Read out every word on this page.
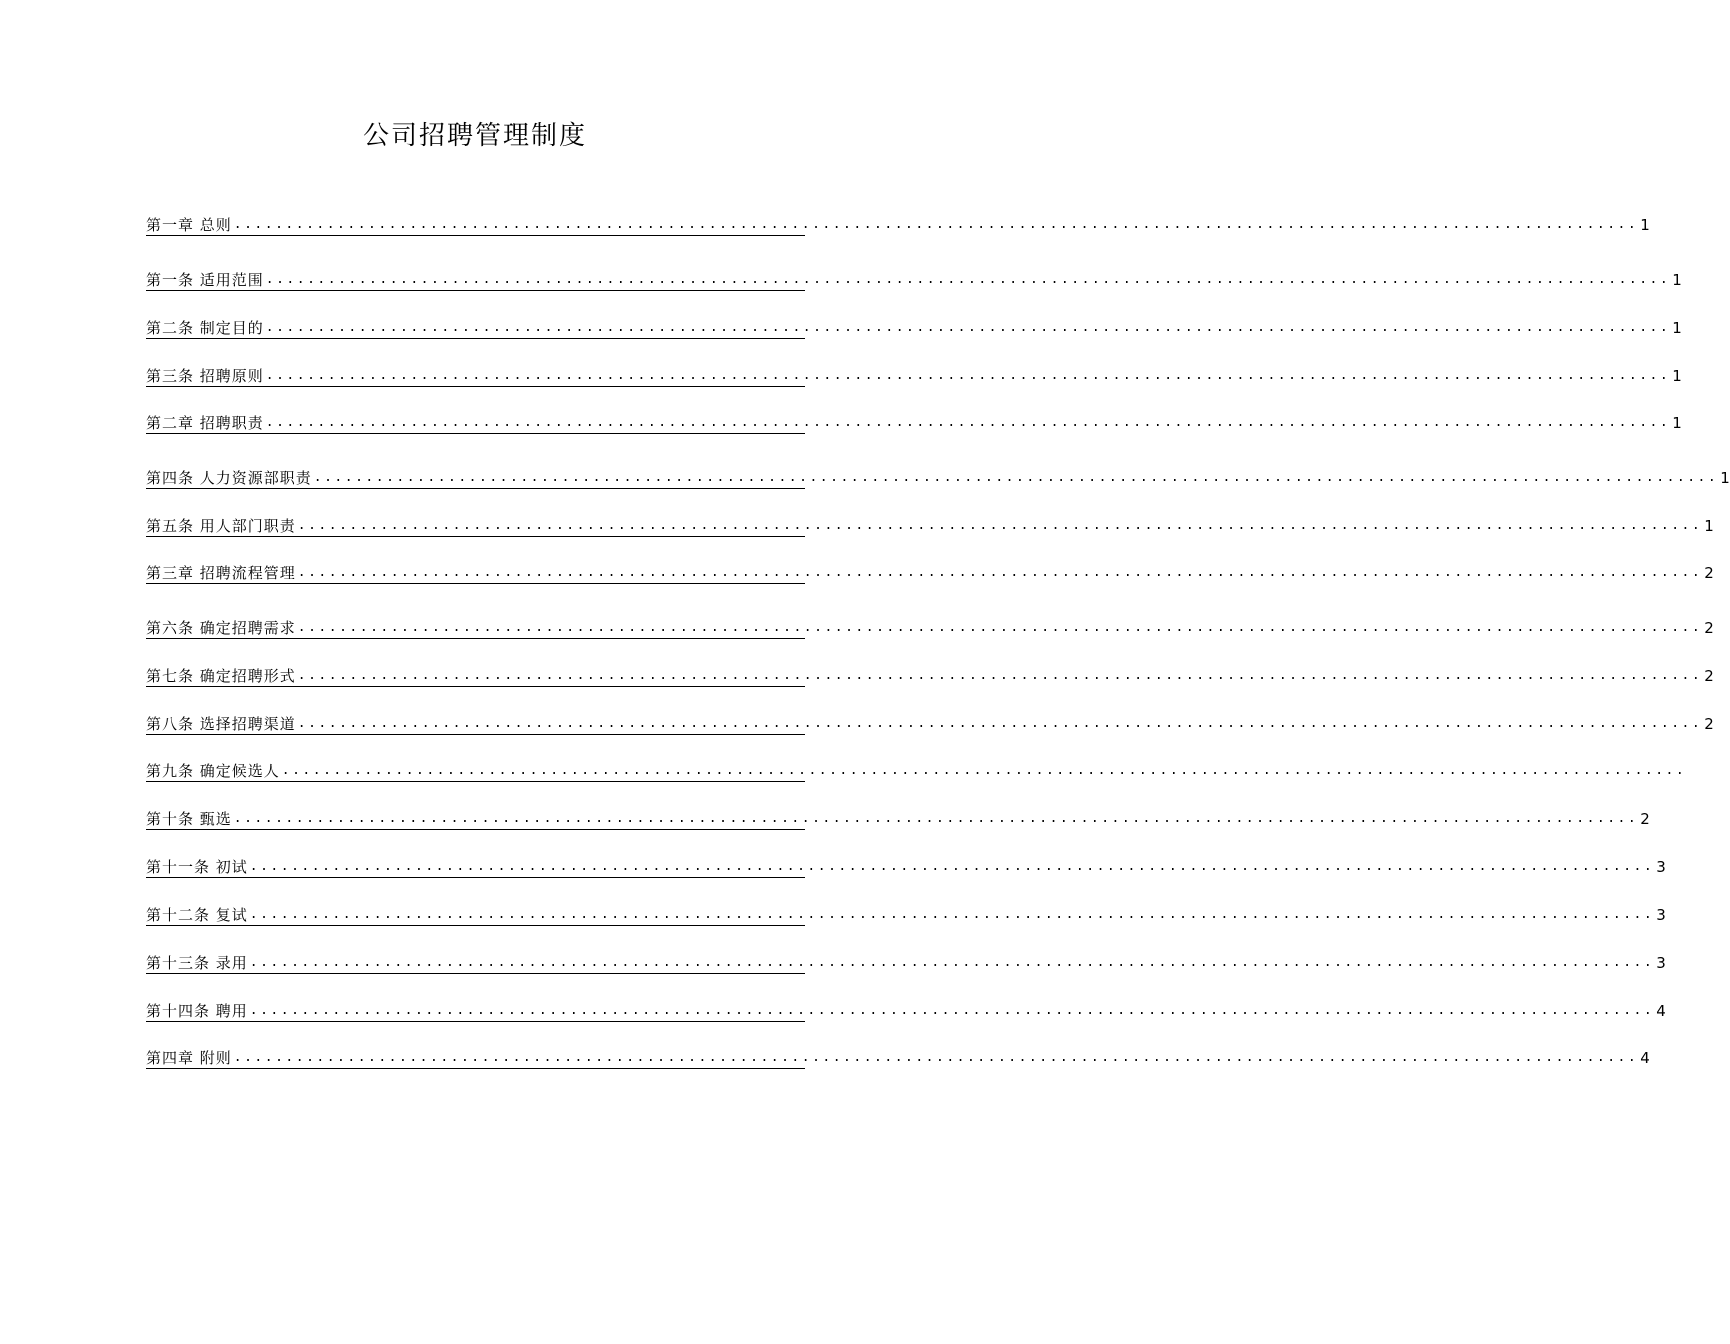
公司招聘管理制度
第一章 总则 ........................................................................................................................................ 1
第一条 适用范围 ........................................................................................................................................ 1
第二条 制定目的 ........................................................................................................................................ 1
第三条 招聘原则 ........................................................................................................................................ 1
第二章 招聘职责 ........................................................................................................................................ 1
第四条 人力资源部职责 ........................................................................................................................................ 1
第五条 用人部门职责 ........................................................................................................................................ 1
第三章 招聘流程管理 ........................................................................................................................................ 2
第六条 确定招聘需求 ........................................................................................................................................ 2
第七条 确定招聘形式 ........................................................................................................................................ 2
第八条 选择招聘渠道 ........................................................................................................................................ 2
第九条 确定候选人 ........................................................................................................................................
第十条 甄选 ........................................................................................................................................ 2
第十一条 初试 ........................................................................................................................................ 3
第十二条 复试 ........................................................................................................................................ 3
第十三条 录用 ........................................................................................................................................ 3
第十四条 聘用 ........................................................................................................................................ 4
第四章 附则 ........................................................................................................................................ 4
